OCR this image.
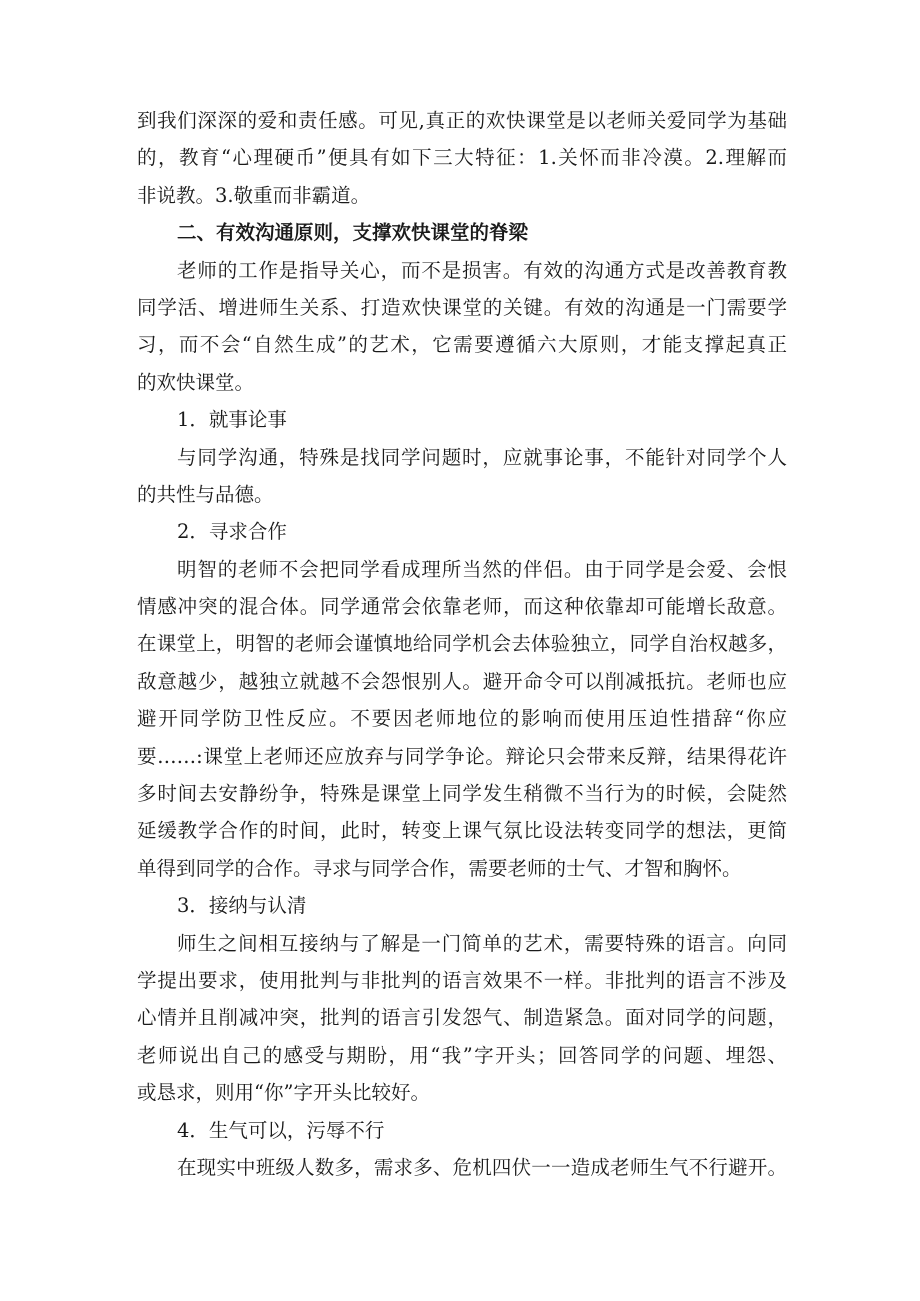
到我们深深的爱和责任感。可见,真正的欢快课堂是以老师关爱同学为基础
的，教育“心理硬币”便具有如下三大特征：1.关怀而非冷漠。2.理解而
非说教。3.敬重而非霸道。
二、有效沟通原则，支撑欢快课堂的脊梁
老师的工作是指导关心，而不是损害。有效的沟通方式是改善教育教
同学活、增进师生关系、打造欢快课堂的关键。有效的沟通是一门需要学
习，而不会“自然生成”的艺术，它需要遵循六大原则，才能支撑起真正
的欢快课堂。
1．就事论事
与同学沟通，特殊是找同学问题时，应就事论事，不能针对同学个人
的共性与品德。
2．寻求合作
明智的老师不会把同学看成理所当然的伴侣。由于同学是会爱、会恨
情感冲突的混合体。同学通常会依靠老师，而这种依靠却可能增长敌意。
在课堂上，明智的老师会谨慎地给同学机会去体验独立，同学自治权越多，
敌意越少，越独立就越不会怨恨别人。避开命令可以削减抵抗。老师也应
避开同学防卫性反应。不要因老师地位的影响而使用压迫性措辞“你应
要……:课堂上老师还应放弃与同学争论。辩论只会带来反辩，结果得花许
多时间去安静纷争，特殊是课堂上同学发生稍微不当行为的时候，会陡然
延缓教学合作的时间，此时，转变上课气氛比设法转变同学的想法，更简
单得到同学的合作。寻求与同学合作，需要老师的士气、才智和胸怀。
3．接纳与认清
师生之间相互接纳与了解是一门简单的艺术，需要特殊的语言。向同
学提出要求，使用批判与非批判的语言效果不一样。非批判的语言不涉及
心情并且削减冲突，批判的语言引发怨气、制造紧急。面对同学的问题，
老师说出自己的感受与期盼，用“我”字开头；回答同学的问题、埋怨、
或恳求，则用“你”字开头比较好。
4．生气可以，污辱不行
在现实中班级人数多，需求多、危机四伏一一造成老师生气不行避开。
